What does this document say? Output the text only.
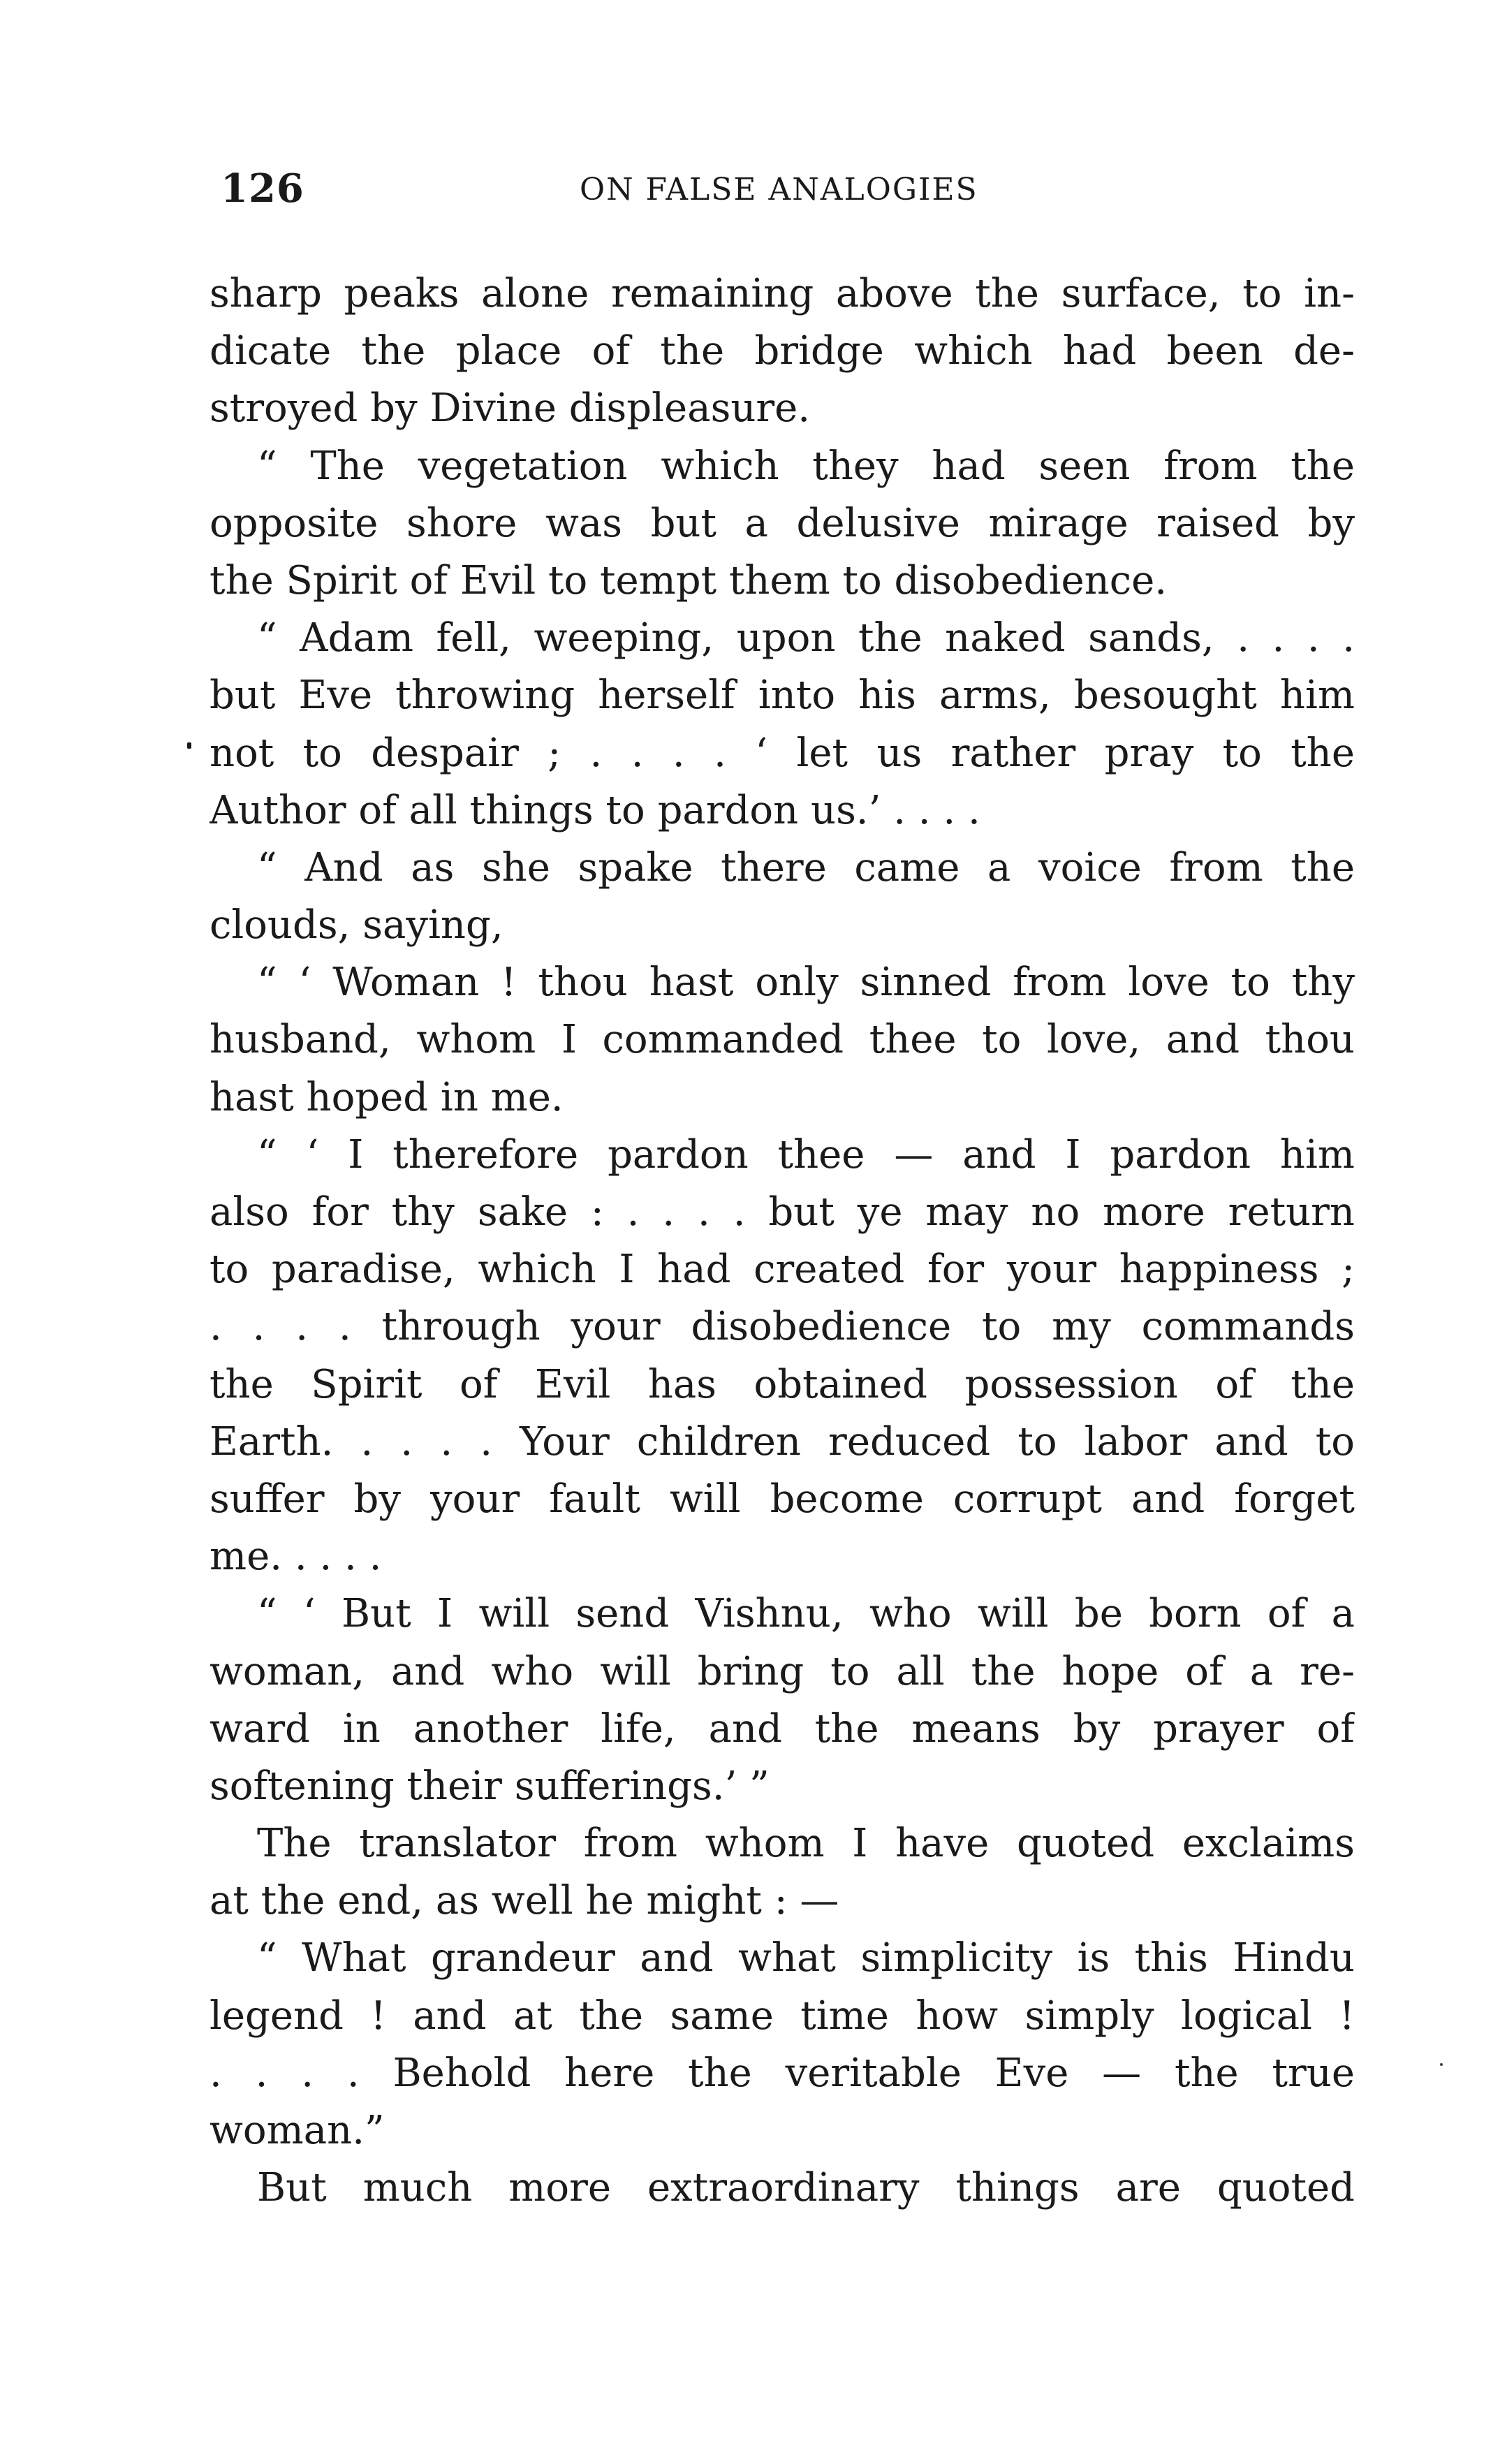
126	ON FALSE ANALOGIES
sharp peaks alone remaining above the surface, to in-
dicate the place of the bridge which had been de-
stroyed by Divine displeasure.
“ The vegetation which they had seen from the
opposite shore was but a delusive mirage raised by
the Spirit of Evil to tempt them to disobedience.
“ Adam fell, weeping, upon the naked sands, . . . .
but Eve throwing herself into his arms, besought him
not to despair ; . . . . ‘ let us rather pray to the
Author of all things to pardon us.’ . . . .
“ And as she spake there came a voice from the
clouds, saying,
“ ‘ Woman ! thou hast only sinned from love to thy
husband, whom I commanded thee to love, and thou
hast hoped in me.
“ ‘ I therefore pardon thee — and I pardon him
also for thy sake : . . . . but ye may no more return
to paradise, which I had created for your happiness ;
. . . . through your disobedience to my commands
the Spirit of Evil has obtained possession of the
Earth. . . . . Your children reduced to labor and to
suffer by your fault will become corrupt and forget
me. . . . .
“ ‘ But I will send Vishnu, who will be born of a
woman, and who will bring to all the hope of a re-
ward in another life, and the means by prayer of
softening their sufferings.’ ”
The translator from whom I have quoted exclaims
at the end, as well he might : —
“ What grandeur and what simplicity is this Hindu
legend ! and at the same time how simply logical !
. . . . Behold here the veritable Eve — the true
woman.”
But much more extraordinary things are quoted
